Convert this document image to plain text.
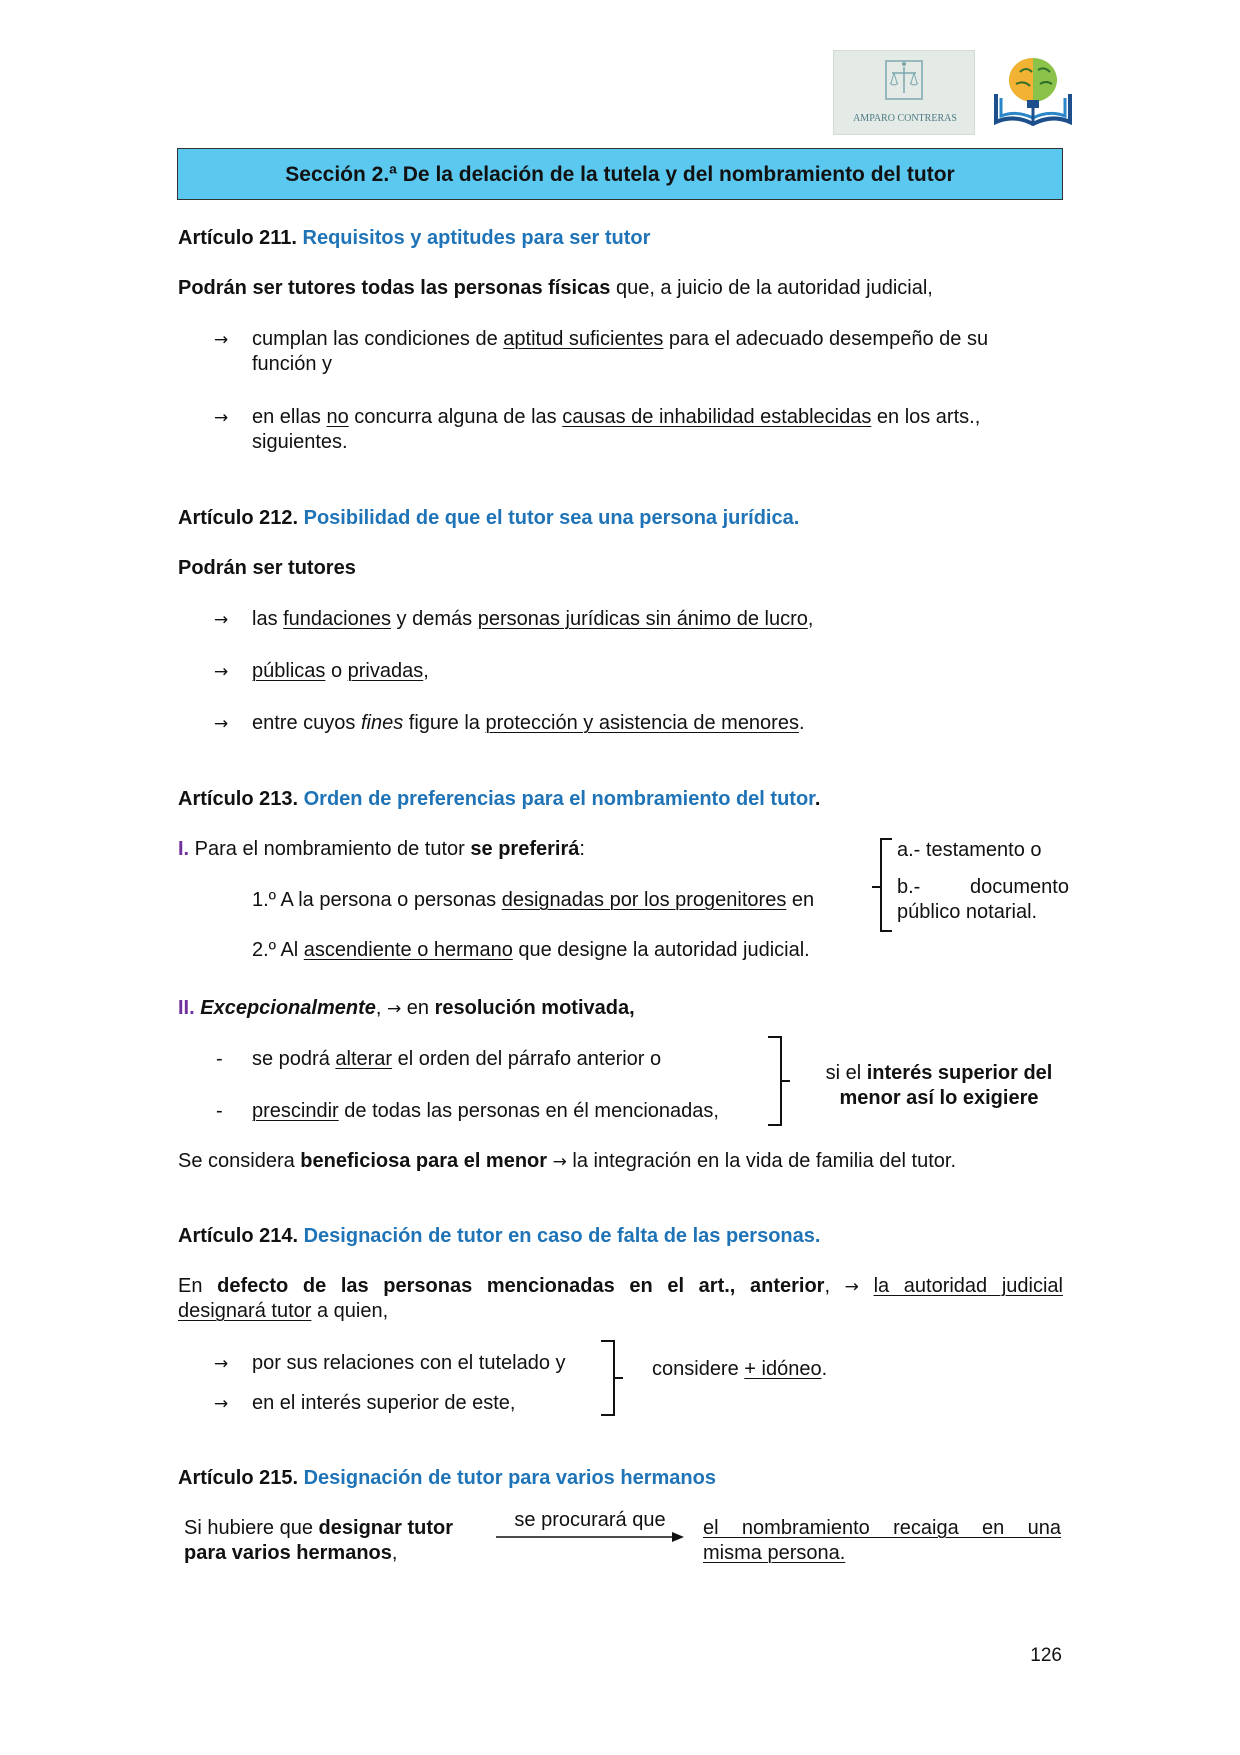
AMPARO CONTRERAS
Sección 2.ª De la delación de la tutela y del nombramiento del tutor
Artículo 211. Requisitos y aptitudes para ser tutor
Podrán ser tutores todas las personas físicas que, a juicio de la autoridad judicial,
→ cumplan las condiciones de aptitud suficientes para el adecuado desempeño de su
función y
→ en ellas no concurra alguna de las causas de inhabilidad establecidas en los arts.,
siguientes.
Artículo 212. Posibilidad de que el tutor sea una persona jurídica.
Podrán ser tutores
→ las fundaciones y demás personas jurídicas sin ánimo de lucro,
→ públicas o privadas,
→ entre cuyos fines figure la protección y asistencia de menores.
Artículo 213. Orden de preferencias para el nombramiento del tutor.
I. Para el nombramiento de tutor se preferirá:
1.º A la persona o personas designadas por los progenitores en
2.º Al ascendiente o hermano que designe la autoridad judicial.
a.- testamento o
b.- documento
público notarial.
II. Excepcionalmente, → en resolución motivada,
- se podrá alterar el orden del párrafo anterior o
- prescindir de todas las personas en él mencionadas,
si el interés superior del
menor así lo exigiere
Se considera beneficiosa para el menor → la integración en la vida de familia del tutor.
Artículo 214. Designación de tutor en caso de falta de las personas.
En defecto de las personas mencionadas en el art., anterior, → la autoridad judicial
designará tutor a quien,
→ por sus relaciones con el tutelado y
→ en el interés superior de este,
considere + idóneo.
Artículo 215. Designación de tutor para varios hermanos
Si hubiere que designar tutor
para varios hermanos,
se procurará que	el nombramiento recaiga en una
misma persona.
126
